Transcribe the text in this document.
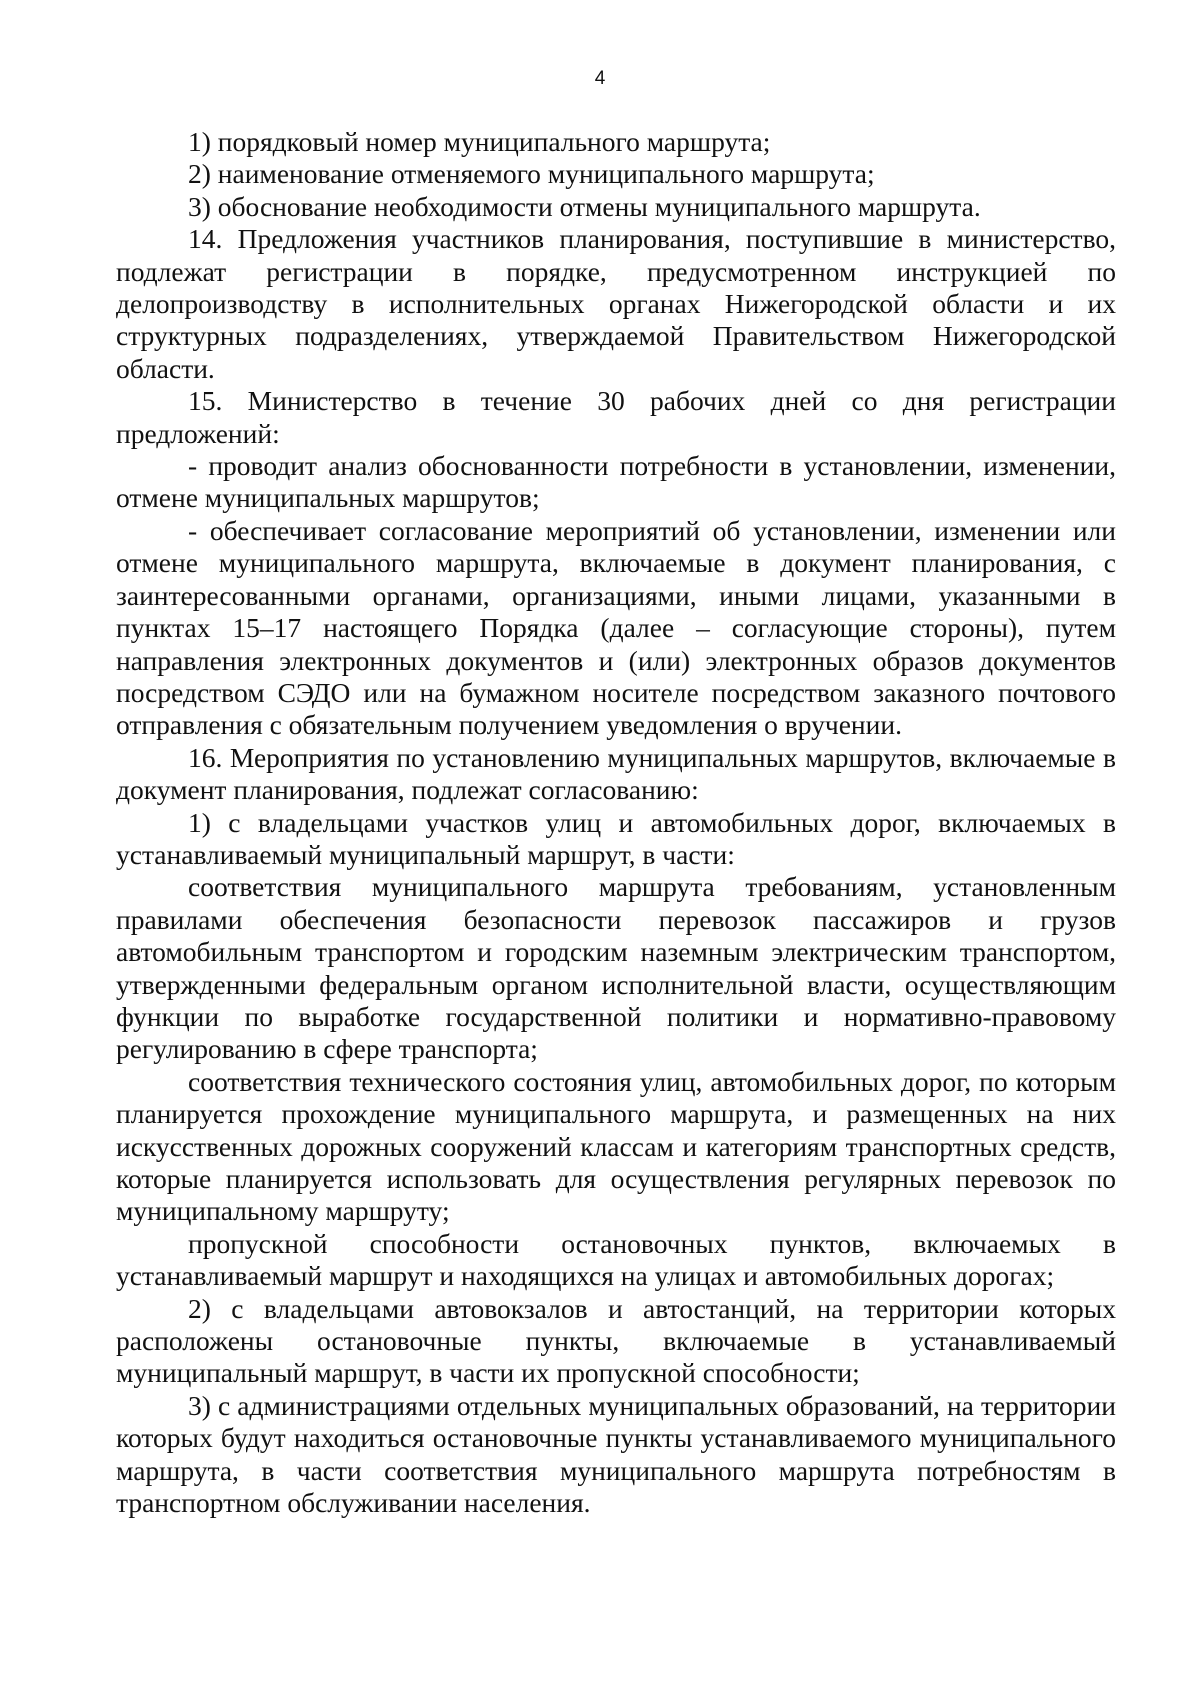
4

1) порядковый номер муниципального маршрута;

2) наименование отменяемого муниципального маршрута;

3) обоснование необходимости отмены муниципального маршрута.

14. Предложения участников планирования, поступившие в министерство, подлежат регистрации в порядке, предусмотренном инструкцией по делопроизводству в исполнительных органах Нижегородской области и их структурных подразделениях, утверждаемой Правительством Нижегородской области.

15. Министерство в течение 30 рабочих дней со дня регистрации предложений:

- проводит анализ обоснованности потребности в установлении, изменении, отмене муниципальных маршрутов;

- обеспечивает согласование мероприятий об установлении, изменении или отмене муниципального маршрута, включаемые в документ планирования, с заинтересованными органами, организациями, иными лицами, указанными в пунктах 15–17 настоящего Порядка (далее – согласующие стороны), путем направления электронных документов и (или) электронных образов документов посредством СЭДО или на бумажном носителе посредством заказного почтового отправления с обязательным получением уведомления о вручении.

16. Мероприятия по установлению муниципальных маршрутов, включаемые в документ планирования, подлежат согласованию:

1) с владельцами участков улиц и автомобильных дорог, включаемых в устанавливаемый муниципальный маршрут, в части:

соответствия муниципального маршрута требованиям, установленным правилами обеспечения безопасности перевозок пассажиров и грузов автомобильным транспортом и городским наземным электрическим транспортом, утвержденными федеральным органом исполнительной власти, осуществляющим функции по выработке государственной политики и нормативно-правовому регулированию в сфере транспорта;

соответствия технического состояния улиц, автомобильных дорог, по которым планируется прохождение муниципального маршрута, и размещенных на них искусственных дорожных сооружений классам и категориям транспортных средств, которые планируется использовать для осуществления регулярных перевозок по муниципальному маршруту;

пропускной способности остановочных пунктов, включаемых в устанавливаемый маршрут и находящихся на улицах и автомобильных дорогах;

2) с владельцами автовокзалов и автостанций, на территории которых расположены остановочные пункты, включаемые в устанавливаемый муниципальный маршрут, в части их пропускной способности;

3) с администрациями отдельных муниципальных образований, на территории которых будут находиться остановочные пункты устанавливаемого муниципального маршрута, в части соответствия муниципального маршрута потребностям в транспортном обслуживании населения.
